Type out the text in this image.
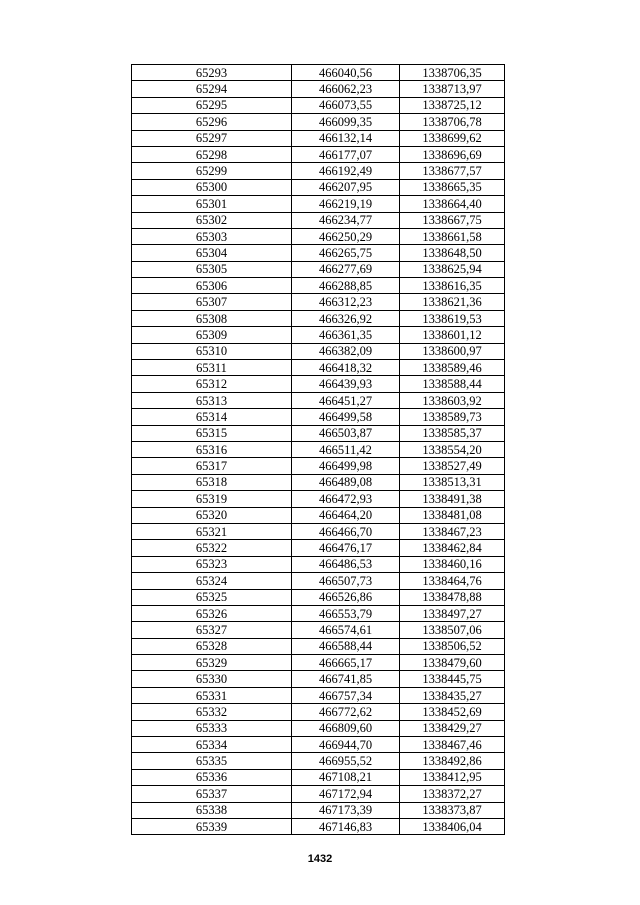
65293	466040,56	1338706,35
65294	466062,23	1338713,97
65295	466073,55	1338725,12
65296	466099,35	1338706,78
65297	466132,14	1338699,62
65298	466177,07	1338696,69
65299	466192,49	1338677,57
65300	466207,95	1338665,35
65301	466219,19	1338664,40
65302	466234,77	1338667,75
65303	466250,29	1338661,58
65304	466265,75	1338648,50
65305	466277,69	1338625,94
65306	466288,85	1338616,35
65307	466312,23	1338621,36
65308	466326,92	1338619,53
65309	466361,35	1338601,12
65310	466382,09	1338600,97
65311	466418,32	1338589,46
65312	466439,93	1338588,44
65313	466451,27	1338603,92
65314	466499,58	1338589,73
65315	466503,87	1338585,37
65316	466511,42	1338554,20
65317	466499,98	1338527,49
65318	466489,08	1338513,31
65319	466472,93	1338491,38
65320	466464,20	1338481,08
65321	466466,70	1338467,23
65322	466476,17	1338462,84
65323	466486,53	1338460,16
65324	466507,73	1338464,76
65325	466526,86	1338478,88
65326	466553,79	1338497,27
65327	466574,61	1338507,06
65328	466588,44	1338506,52
65329	466665,17	1338479,60
65330	466741,85	1338445,75
65331	466757,34	1338435,27
65332	466772,62	1338452,69
65333	466809,60	1338429,27
65334	466944,70	1338467,46
65335	466955,52	1338492,86
65336	467108,21	1338412,95
65337	467172,94	1338372,27
65338	467173,39	1338373,87
65339	467146,83	1338406,04
1432
